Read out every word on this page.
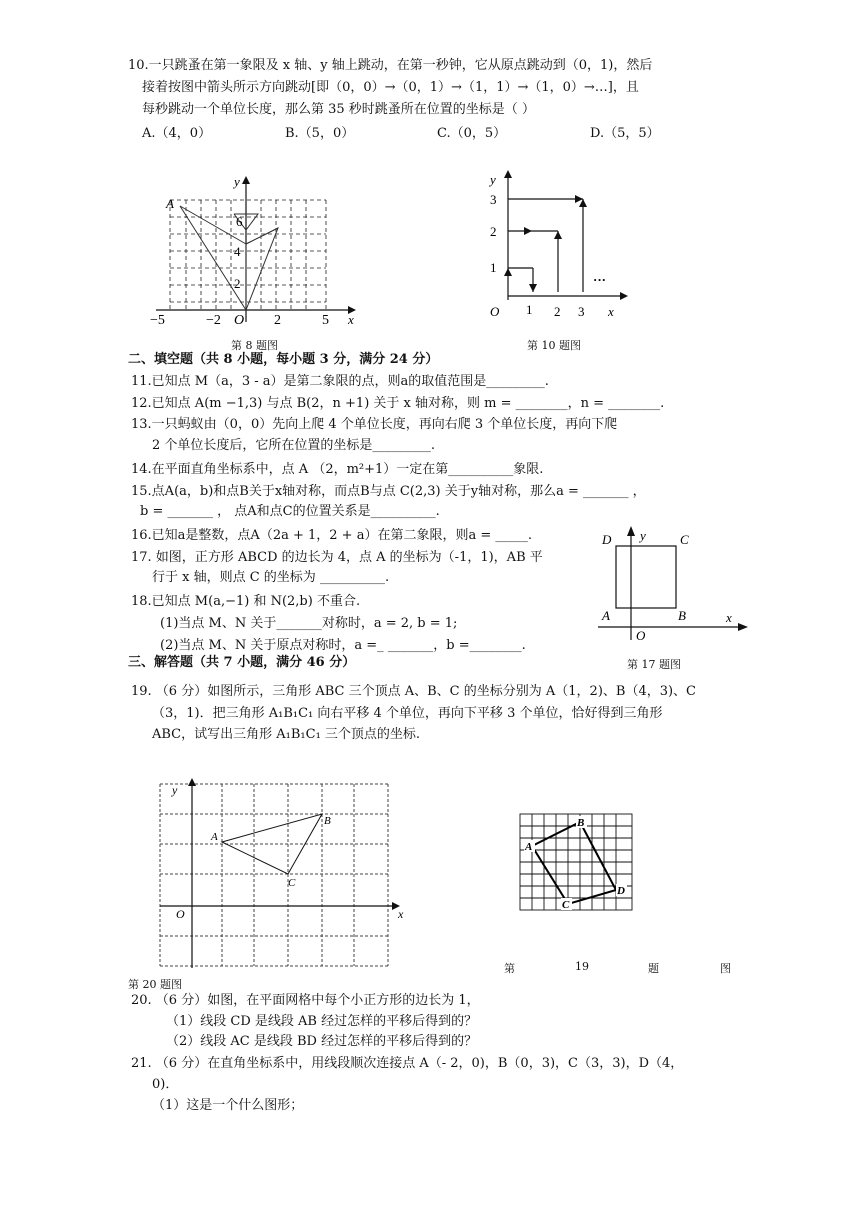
10.一只跳蚤在第一象限及 x 轴、y 轴上跳动，在第一秒钟，它从原点跳动到（0，1)，然后
接着按图中箭头所示方向跳动[即（0，0）→（0，1）→（1，1）→（1，0）→…]，且
每秒跳动一个单位长度，那么第 35 秒时跳蚤所在位置的坐标是（ ）
A.（4，0）	B.（5，0）	C.（0，5）	D.（5，5）
A
y
6
4
2
O
−5	−2	2	5 x
第 8 题图
y
3
2
1
O 1 2 3 x
···
第 10 题图
二、填空题（共 8 小题，每小题 3 分，满分 24 分）
11.已知点 M（a，3 - a）是第二象限的点，则a的取值范围是_________.
12.已知点 A(m −1,3) 与点 B(2，n +1) 关于 x 轴对称，则 m = ________，n = ________.
13.一只蚂蚁由（0，0）先向上爬 4 个单位长度，再向右爬 3 个单位长度，再向下爬
2 个单位长度后，它所在位置的坐标是_________.
14.在平面直角坐标系中，点 A （2，m²+1）一定在第__________象限.
15.点A(a，b)和点B关于x轴对称，而点B与点 C(2,3) 关于y轴对称，那么a = _______ ，
b = _______ ， 点A和点C的位置关系是__________.
16.已知a是整数，点A（2a + 1，2 + a）在第二象限，则a = _____.
17. 如图，正方形 ABCD 的边长为 4，点 A 的坐标为（-1，1)，AB 平
行于 x 轴，则点 C 的坐标为 __________.
18.已知点 M(a,−1) 和 N(2,b) 不重合.
(1)当点 M、N 关于_______对称时，a = 2, b = 1;
(2)当点 M、N 关于原点对称时，a =_ _______，b =________.
D y	C
A	B
O
x
第 17 题图
三、解答题（共 7 小题，满分 46 分）
19. （6 分）如图所示，三角形 ABC 三个顶点 A、B、C 的坐标分别为 A（1，2)、B（4，3)、C
（3，1)．把三角形 A₁B₁C₁ 向右平移 4 个单位，再向下平移 3 个单位，恰好得到三角形
ABC，试写出三角形 A₁B₁C₁ 三个顶点的坐标.
y
A
B
C
O	x
第 20 题图
A
B
C
D
第	19	题	图
20. （6 分）如图，在平面网格中每个小正方形的边长为 1，
（1）线段 CD 是线段 AB 经过怎样的平移后得到的？
（2）线段 AC 是线段 BD 经过怎样的平移后得到的？
21. （6 分）在直角坐标系中，用线段顺次连接点 A（- 2，0)，B（0，3)，C（3，3)，D（4，
0)．
（1）这是一个什么图形；
